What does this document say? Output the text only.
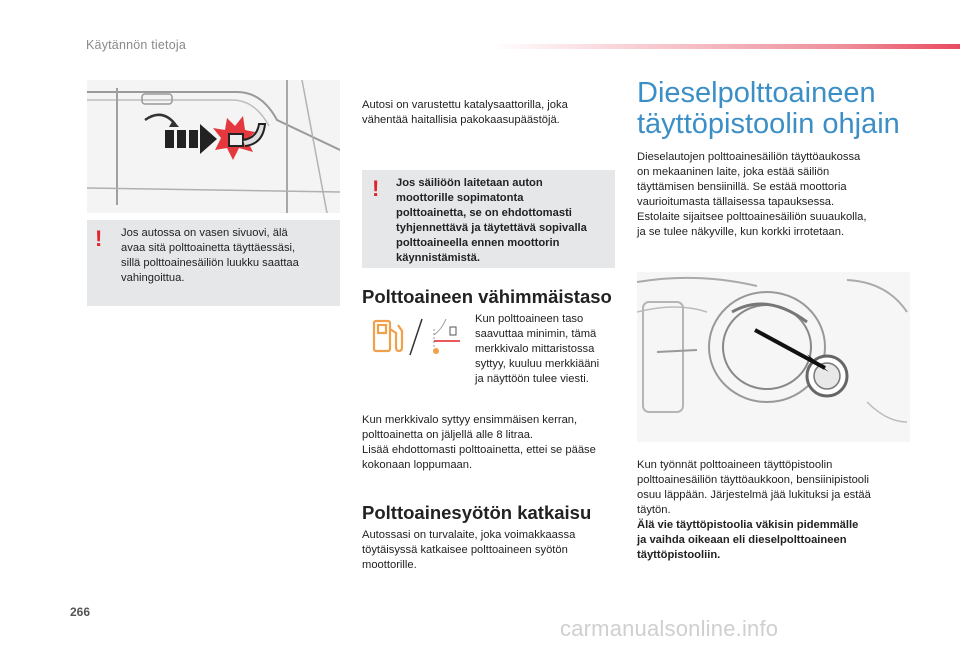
Käytännön tietoja
! Jos autossa on vasen sivuovi, älä
avaa sitä polttoainetta täyttäessäsi,
sillä polttoainesäiliön luukku saattaa
vahingoittua.
Autosi on varustettu katalysaattorilla, joka
vähentää haitallisia pakokaasupäästöjä.
! Jos säiliöön laitetaan auton
moottorille sopimatonta
polttoainetta, se on ehdottomasti
tyhjennettävä ja täytettävä sopivalla
polttoaineella ennen moottorin
käynnistämistä.
Polttoaineen vähimmäistaso
Kun polttoaineen taso
saavuttaa minimin, tämä
merkkivalo mittaristossa
syttyy, kuuluu merkkiääni
ja näyttöön tulee viesti.
Kun merkkivalo syttyy ensimmäisen kerran,
polttoainetta on jäljellä alle 8 litraa.
Lisää ehdottomasti polttoainetta, ettei se pääse
kokonaan loppumaan.
Polttoainesyötön katkaisu
Autossasi on turvalaite, joka voimakkaassa
töytäisyssä katkaisee polttoaineen syötön
moottorille.
Dieselpolttoaineen
täyttöpistoolin ohjain
Dieselautojen polttoainesäiliön täyttöaukossa
on mekaaninen laite, joka estää säiliön
täyttämisen bensiinillä. Se estää moottoria
vaurioitumasta tällaisessa tapauksessa.
Estolaite sijaitsee polttoainesäiliön suuaukolla,
ja se tulee näkyville, kun korkki irrotetaan.
Kun työnnät polttoaineen täyttöpistoolin
polttoainesäiliön täyttöaukkoon, bensiinipistooli
osuu läppään. Järjestelmä jää lukituksi ja estää
täytön.
Älä vie täyttöpistoolia väkisin pidemmälle
ja vaihda oikeaan eli dieselpolttoaineen
täyttöpistooliin.
266
carmanualsonline.info
